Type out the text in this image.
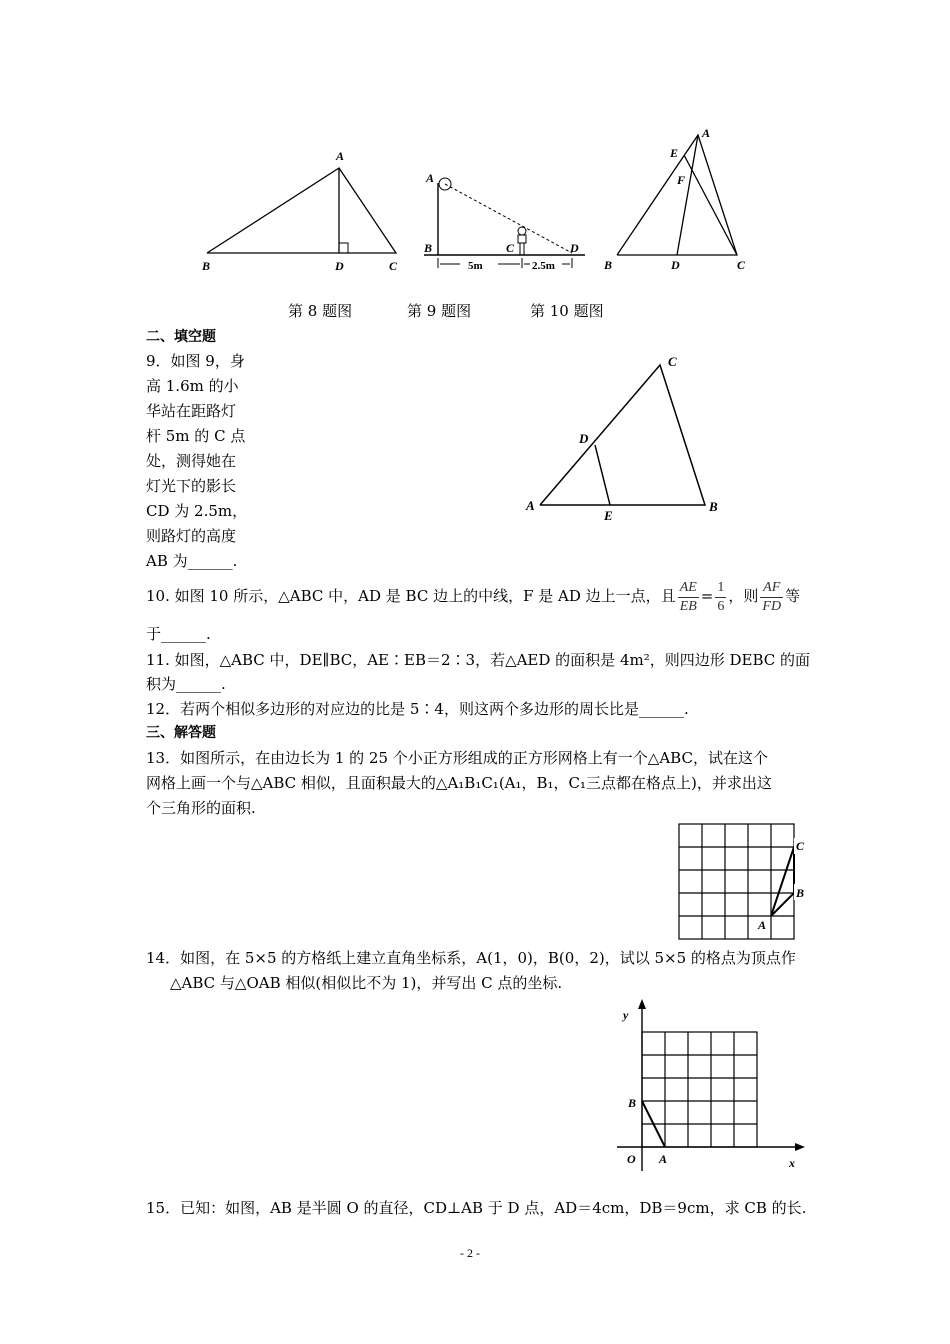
A
B	D	C
A
B	C	D
5m	2.5m
A
E
F
B	D	C
第 8 题图	第 9 题图	第 10 题图
二、填空题
9．如图 9，身
高 1.6m 的小
华站在距路灯
杆 5m 的 C 点
处，测得她在
灯光下的影长
CD 为 2.5m，
则路灯的高度
AB 为______.
C
D
A
E
B
10. 如图 10 所示，△ABC 中，AD 是 BC 边上的中线，F 是 AD 边上一点，且 $\frac{AE}{EB} = \frac{1}{6}$ ，则 $\frac{AF}{FD}$ 等
于______.
11. 如图，△ABC 中，DE∥BC，AE∶EB＝2∶3，若△AED 的面积是 4m²，则四边形 DEBC 的面
积为______.
12．若两个相似多边形的对应边的比是 5∶4，则这两个多边形的周长比是______.
三、解答题
13．如图所示，在由边长为 1 的 25 个小正方形组成的正方形网格上有一个△ABC，试在这个
网格上画一个与△ABC 相似，且面积最大的△A₁B₁C₁(A₁，B₁，C₁三点都在格点上)，并求出这
个三角形的面积.
C
B
A
14．如图，在 5×5 的方格纸上建立直角坐标系，A(1，0)，B(0，2)，试以 5×5 的格点为顶点作
△ABC 与△OAB 相似(相似比不为 1)，并写出 C 点的坐标.
y
B
O A	x
15．已知：如图，AB 是半圆 O 的直径，CD⊥AB 于 D 点，AD＝4cm，DB＝9cm，求 CB 的长.
- 2 -
